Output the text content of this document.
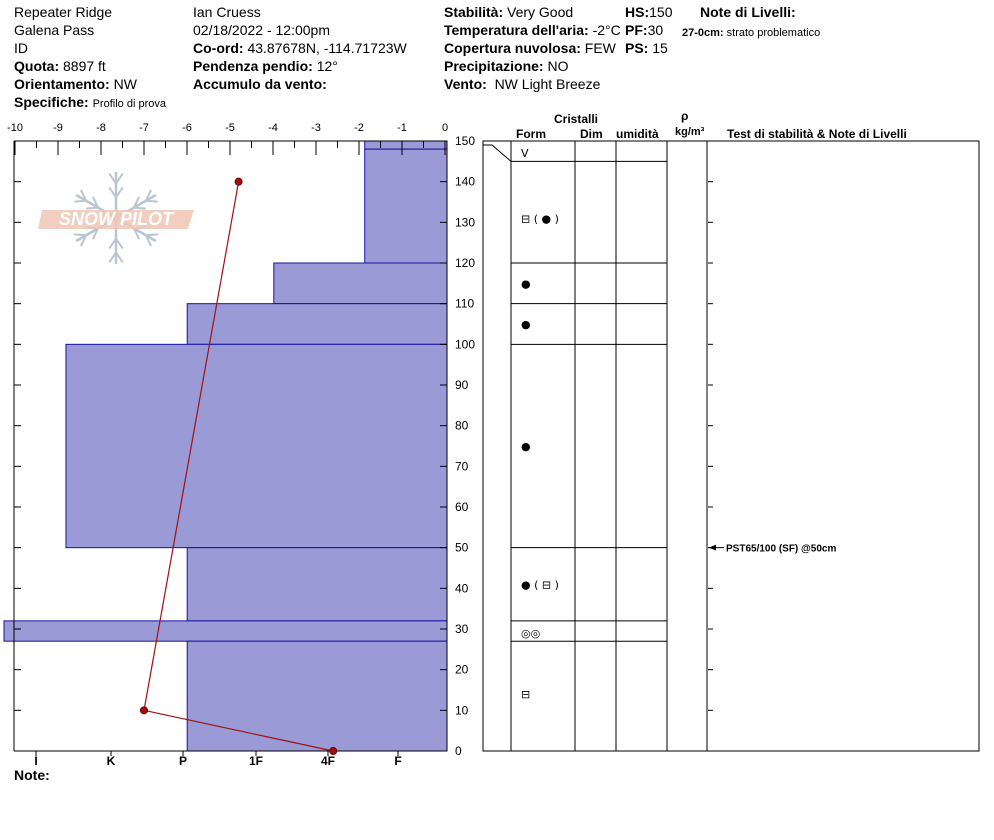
Repeater Ridge
Galena Pass
ID
Quota: 8897 ft
Orientamento: NW
Specifiche: Profilo di prova
Ian Cruess
02/18/2022 - 12:00pm
Co-ord: 43.87678N, -114.71723W
Pendenza pendio: 12°
Accumulo da vento:
Stabilità: Very Good
Temperatura dell'aria: -2°C
Copertura nuvolosa: FEW
Precipitazione: NO
Vento: NW Light Breeze
HS:150
PF:30
PS: 15
Note di Livelli:
27-0cm: strato problematico
Cristalli
Form	Dim umidità
ρ
kg/m³ Test di stabilità & Note di Livelli
Note:
SNOW PILOT
-10	-9	-8	-7	-6	-5	-4	-3	-2	-1	0
0
10
20
30
40
50
60
70
80
90
100
110
120
130
140
150
I	K	P	1F	4F	F
V
⊟ ( ● )
●
●
●
● ( ⊟ )
◎◎
⊟
PST65/100 (SF) @50cm
